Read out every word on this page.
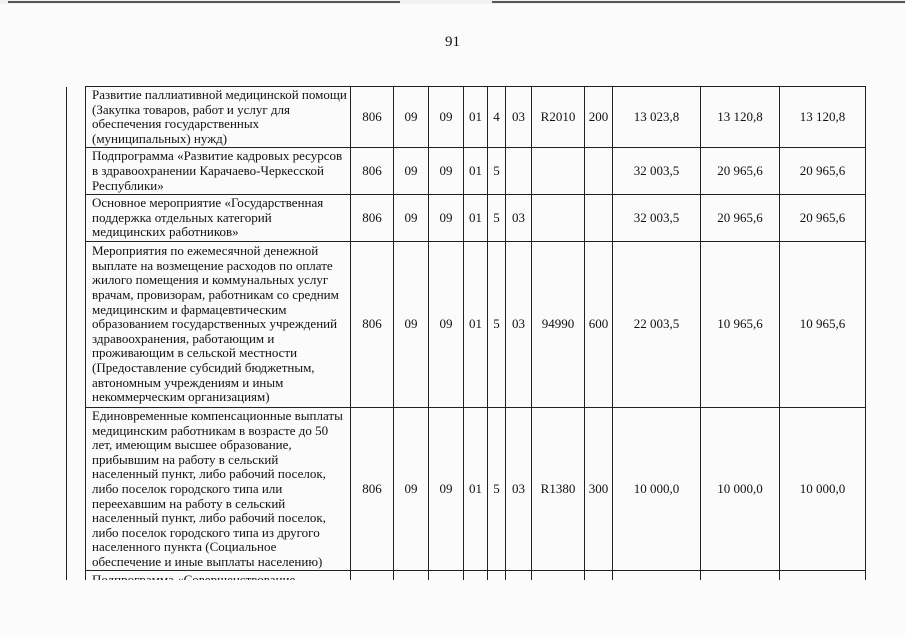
91
	Развитие паллиативной медицинской помощи (Закупка товаров, работ и услуг для обеспечения государственных (муниципальных) нужд)	806	09	09	01	4	03	R2010	200	13 023,8	13 120,8	13 120,8
	Подпрограмма «Развитие кадровых ресурсов в здравоохранении Карачаево-Черкесской Республики»	806	09	09	01	5				32 003,5	20 965,6	20 965,6
	Основное мероприятие «Государственная поддержка отдельных категорий медицинских работников»	806	09	09	01	5	03			32 003,5	20 965,6	20 965,6
	Мероприятия по ежемесячной денежной выплате на возмещение расходов по оплате жилого помещения и коммунальных услуг врачам, провизорам, работникам со средним медицинским и фармацевтическим образованием государственных учреждений здравоохранения, работающим и проживающим в сельской местности (Предоставление субсидий бюджетным, автономным учреждениям и иным некоммерческим организациям)	806	09	09	01	5	03	94990	600	22 003,5	10 965,6	10 965,6
	Единовременные компенсационные выплаты медицинским работникам в возрасте до 50 лет, имеющим высшее образование, прибывшим на работу в сельский населенный пункт, либо рабочий поселок, либо поселок городского типа или переехавшим на работу в сельский населенный пункт, либо рабочий поселок, либо поселок городского типа из другого населенного пункта (Социальное обеспечение и иные выплаты населению)	806	09	09	01	5	03	R1380	300	10 000,0	10 000,0	10 000,0
